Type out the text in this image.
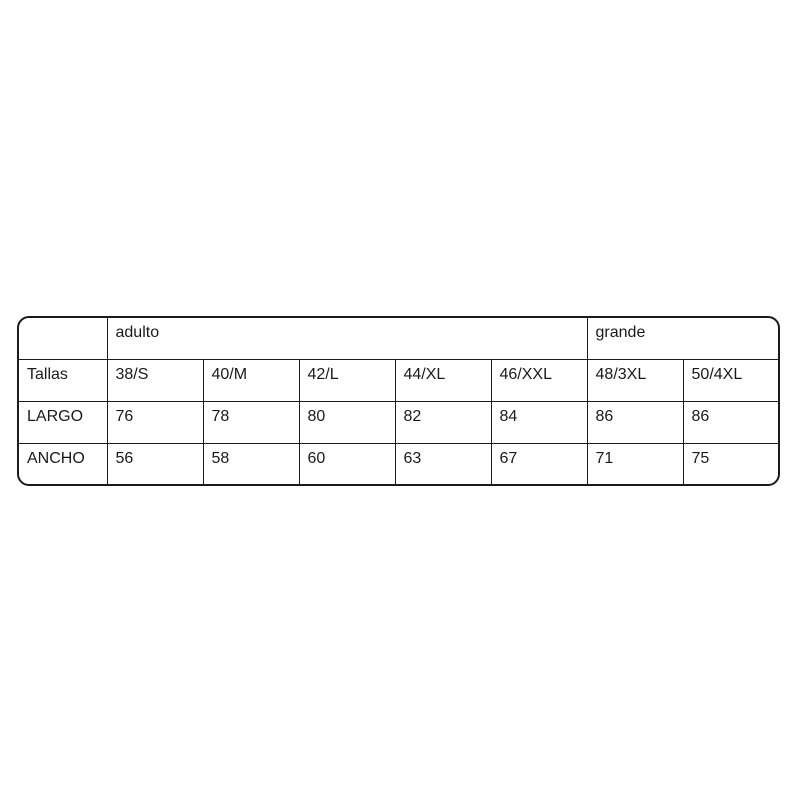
	adulto					grande	
Tallas	38/S	40/M	42/L	44/XL	46/XXL	48/3XL	50/4XL
LARGO	76	78	80	82	84	86	86
ANCHO	56	58	60	63	67	71	75
